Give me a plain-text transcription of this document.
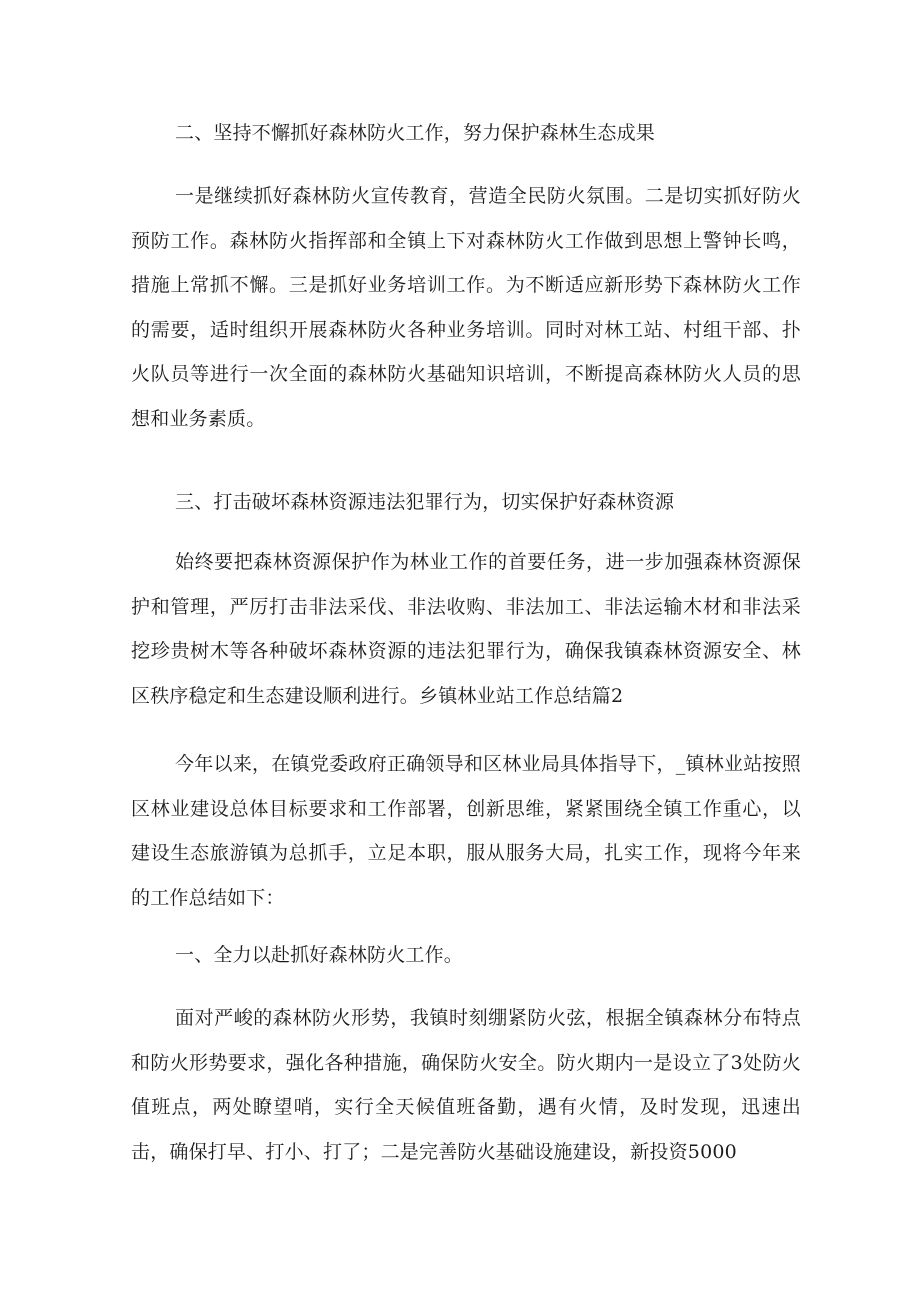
二、坚持不懈抓好森林防火工作，努力保护森林生态成果

一是继续抓好森林防火宣传教育，营造全民防火氛围。二是切实抓好防火预防工作。森林防火指挥部和全镇上下对森林防火工作做到思想上警钟长鸣，措施上常抓不懈。三是抓好业务培训工作。为不断适应新形势下森林防火工作的需要，适时组织开展森林防火各种业务培训。同时对林工站、村组干部、扑火队员等进行一次全面的森林防火基础知识培训，不断提高森林防火人员的思想和业务素质。

三、打击破坏森林资源违法犯罪行为，切实保护好森林资源

始终要把森林资源保护作为林业工作的首要任务，进一步加强森林资源保护和管理，严厉打击非法采伐、非法收购、非法加工、非法运输木材和非法采挖珍贵树木等各种破坏森林资源的违法犯罪行为，确保我镇森林资源安全、林区秩序稳定和生态建设顺利进行。乡镇林业站工作总结篇2

今年以来，在镇党委政府正确领导和区林业局具体指导下，_镇林业站按照区林业建设总体目标要求和工作部署，创新思维，紧紧围绕全镇工作重心，以建设生态旅游镇为总抓手，立足本职，服从服务大局，扎实工作，现将今年来的工作总结如下：

一、全力以赴抓好森林防火工作。

面对严峻的森林防火形势，我镇时刻绷紧防火弦，根据全镇森林分布特点和防火形势要求，强化各种措施，确保防火安全。防火期内一是设立了3处防火值班点，两处瞭望哨，实行全天候值班备勤，遇有火情，及时发现，迅速出击，确保打早、打小、打了；二是完善防火基础设施建设，新投资5000
